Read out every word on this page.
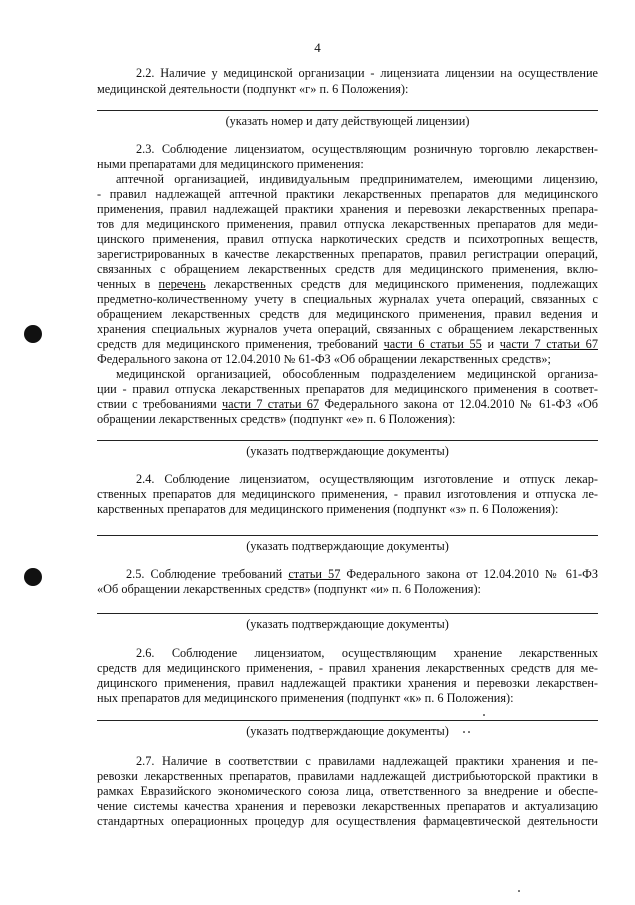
4
2.2. Наличие у медицинской организации - лицензиата лицензии на осуществление
медицинской деятельности (подпункт «г» п. 6 Положения):
(указать номер и дату действующей лицензии)
2.3. Соблюдение лицензиатом, осуществляющим розничную торговлю лекарствен-
ными препаратами для медицинского применения:
аптечной организацией, индивидуальным предпринимателем, имеющими лицензию,
- правил надлежащей аптечной практики лекарственных препаратов для медицинского
применения, правил надлежащей практики хранения и перевозки лекарственных препара-
тов для медицинского применения, правил отпуска лекарственных препаратов для меди-
цинского применения, правил отпуска наркотических средств и психотропных веществ,
зарегистрированных в качестве лекарственных препаратов, правил регистрации операций,
связанных с обращением лекарственных средств для медицинского применения, вклю-
ченных в перечень лекарственных средств для медицинского применения, подлежащих
предметно-количественному учету в специальных журналах учета операций, связанных с
обращением лекарственных средств для медицинского применения, правил ведения и
хранения специальных журналов учета операций, связанных с обращением лекарственных
средств для медицинского применения, требований части 6 статьи 55 и части 7 статьи 67
Федерального закона от 12.04.2010 № 61-ФЗ «Об обращении лекарственных средств»;
медицинской организацией, обособленным подразделением медицинской организа-
ции - правил отпуска лекарственных препаратов для медицинского применения в соответ-
ствии с требованиями части 7 статьи 67 Федерального закона от 12.04.2010 № 61-ФЗ «Об
обращении лекарственных средств» (подпункт «е» п. 6 Положения):
(указать подтверждающие документы)
2.4. Соблюдение лицензиатом, осуществляющим изготовление и отпуск лекар-
ственных препаратов для медицинского применения, - правил изготовления и отпуска ле-
карственных препаратов для медицинского применения (подпункт «з» п. 6 Положения):
(указать подтверждающие документы)
2.5. Соблюдение требований статьи 57 Федерального закона от 12.04.2010 № 61-ФЗ
«Об обращении лекарственных средств» (подпункт «и» п. 6 Положения):
(указать подтверждающие документы)
2.6. Соблюдение лицензиатом, осуществляющим хранение лекарственных
средств для медицинского применения, - правил хранения лекарственных средств для ме-
дицинского применения, правил надлежащей практики хранения и перевозки лекарствен-
ных препаратов для медицинского применения (подпункт «к» п. 6 Положения):
(указать подтверждающие документы)
2.7. Наличие в соответствии с правилами надлежащей практики хранения и пе-
ревозки лекарственных препаратов, правилами надлежащей дистрибьюторской практики в
рамках Евразийского экономического союза лица, ответственного за внедрение и обеспе-
чение системы качества хранения и перевозки лекарственных препаратов и актуализацию
стандартных операционных процедур для осуществления фармацевтической деятельности
